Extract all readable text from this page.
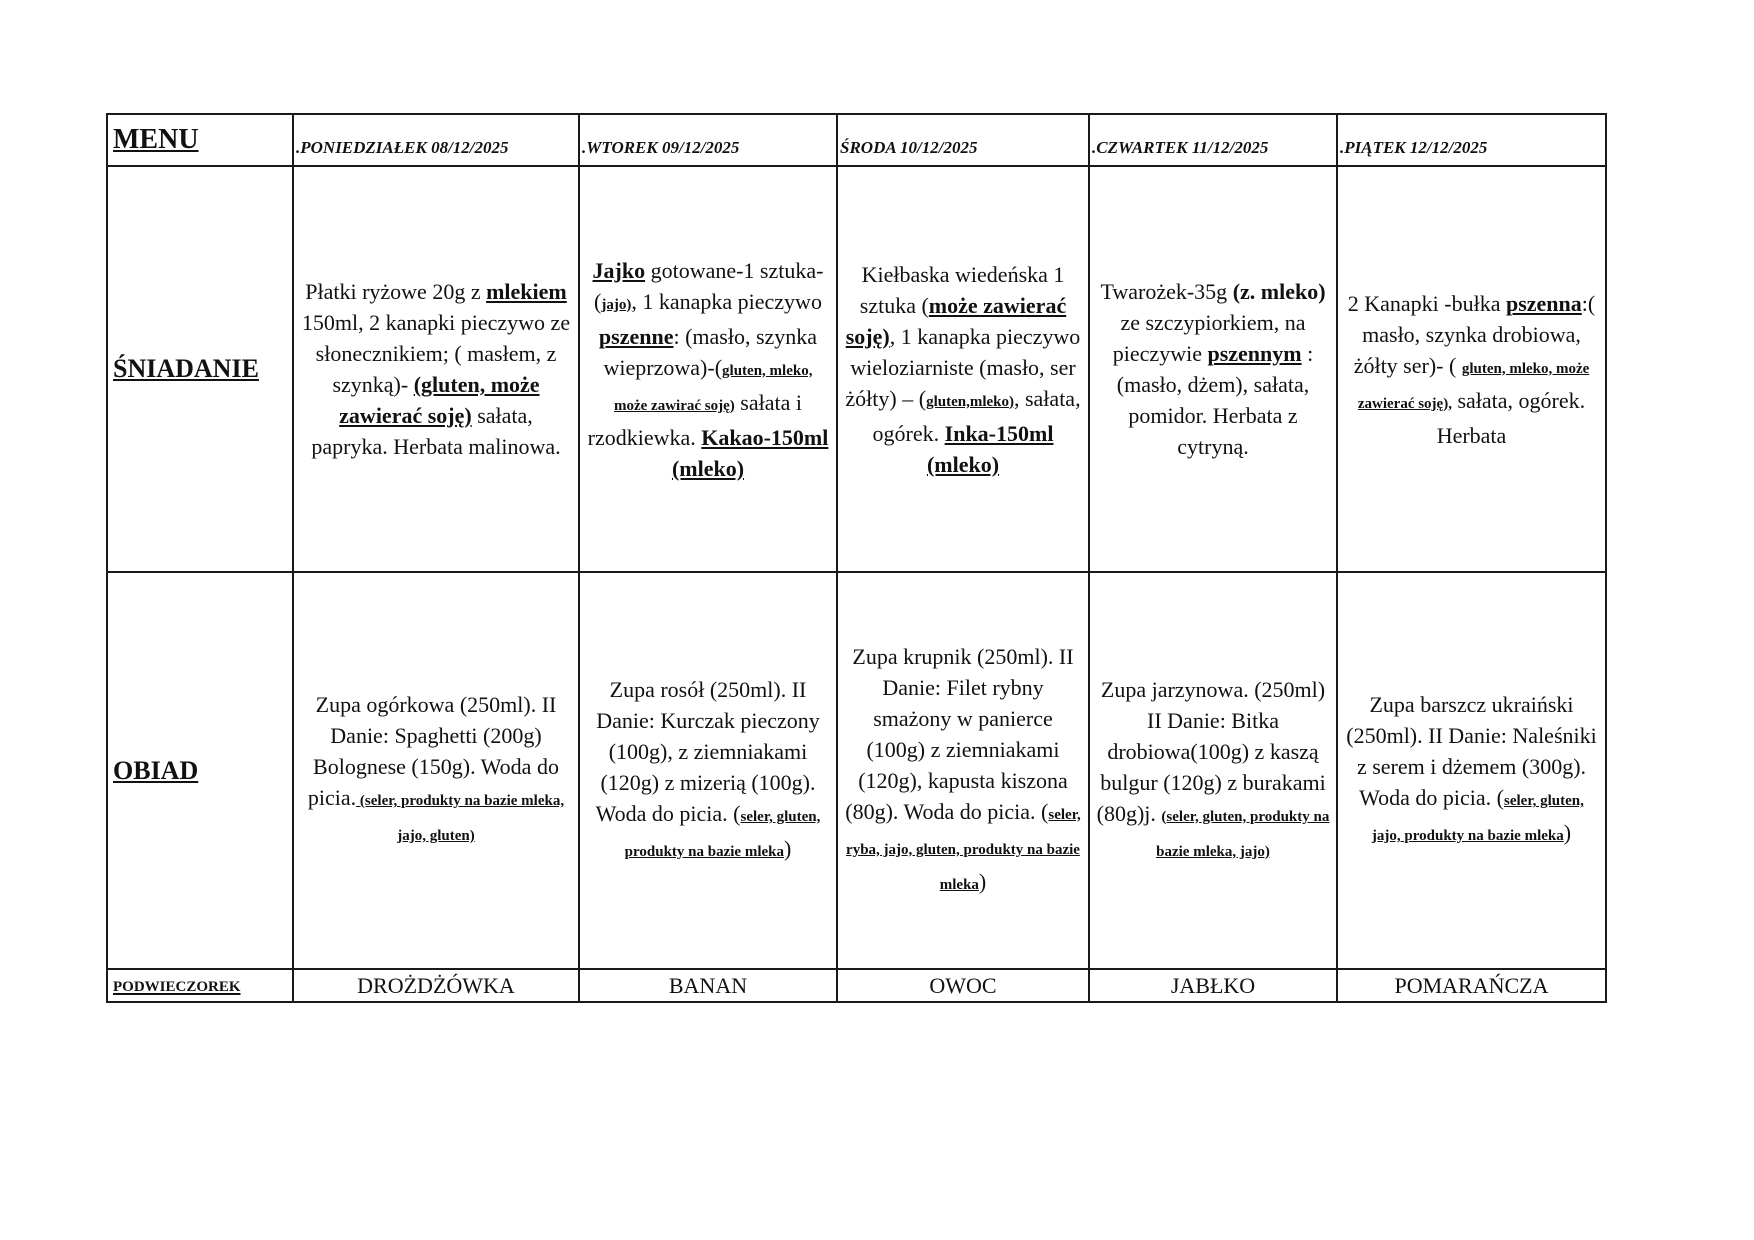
MENU	.PONIEDZIAŁEK 08/12/2025	.WTOREK 09/12/2025	ŚRODA 10/12/2025	.CZWARTEK 11/12/2025	.PIĄTEK 12/12/2025
ŚNIADANIE	Płatki ryżowe 20g z mlekiem 150ml, 2 kanapki pieczywo ze słonecznikiem; ( masłem, z szynką)- (gluten, może zawierać soję) sałata, papryka. Herbata malinowa.	Jajko gotowane-1 sztuka- (jajo), 1 kanapka pieczywo pszenne: (masło, szynka wieprzowa)-(gluten, mleko, może zawirać soję) sałata i rzodkiewka. Kakao-150ml (mleko)	Kiełbaska wiedeńska 1 sztuka (może zawierać soję), 1 kanapka pieczywo wieloziarniste (masło, ser żółty) – (gluten,mleko), sałata, ogórek. Inka-150ml (mleko)	Twarożek-35g (z. mleko) ze szczypiorkiem, na pieczywie pszennym : (masło, dżem), sałata, pomidor. Herbata z cytryną.	2 Kanapki -bułka pszenna:( masło, szynka drobiowa, żółty ser)- ( gluten, mleko, może zawierać soję), sałata, ogórek. Herbata
OBIAD	Zupa ogórkowa (250ml). II Danie: Spaghetti (200g) Bolognese (150g). Woda do picia. (seler, produkty na bazie mleka, jajo, gluten)	Zupa rosół (250ml). II Danie: Kurczak pieczony (100g), z ziemniakami (120g) z mizerią (100g). Woda do picia. (seler, gluten, produkty na bazie mleka)	Zupa krupnik (250ml). II Danie: Filet rybny smażony w panierce (100g) z ziemniakami (120g), kapusta kiszona (80g). Woda do picia. (seler, ryba, jajo, gluten, produkty na bazie mleka)	Zupa jarzynowa. (250ml) II Danie: Bitka drobiowa(100g) z kaszą bulgur (120g) z burakami (80g)j. (seler, gluten, produkty na bazie mleka, jajo)	Zupa barszcz ukraiński (250ml). II Danie: Naleśniki z serem i dżemem (300g). Woda do picia. (seler, gluten, jajo, produkty na bazie mleka)
PODWIECZOREK	DROŻDŻÓWKA	BANAN	OWOC	JABŁKO	POMARAŃCZA
